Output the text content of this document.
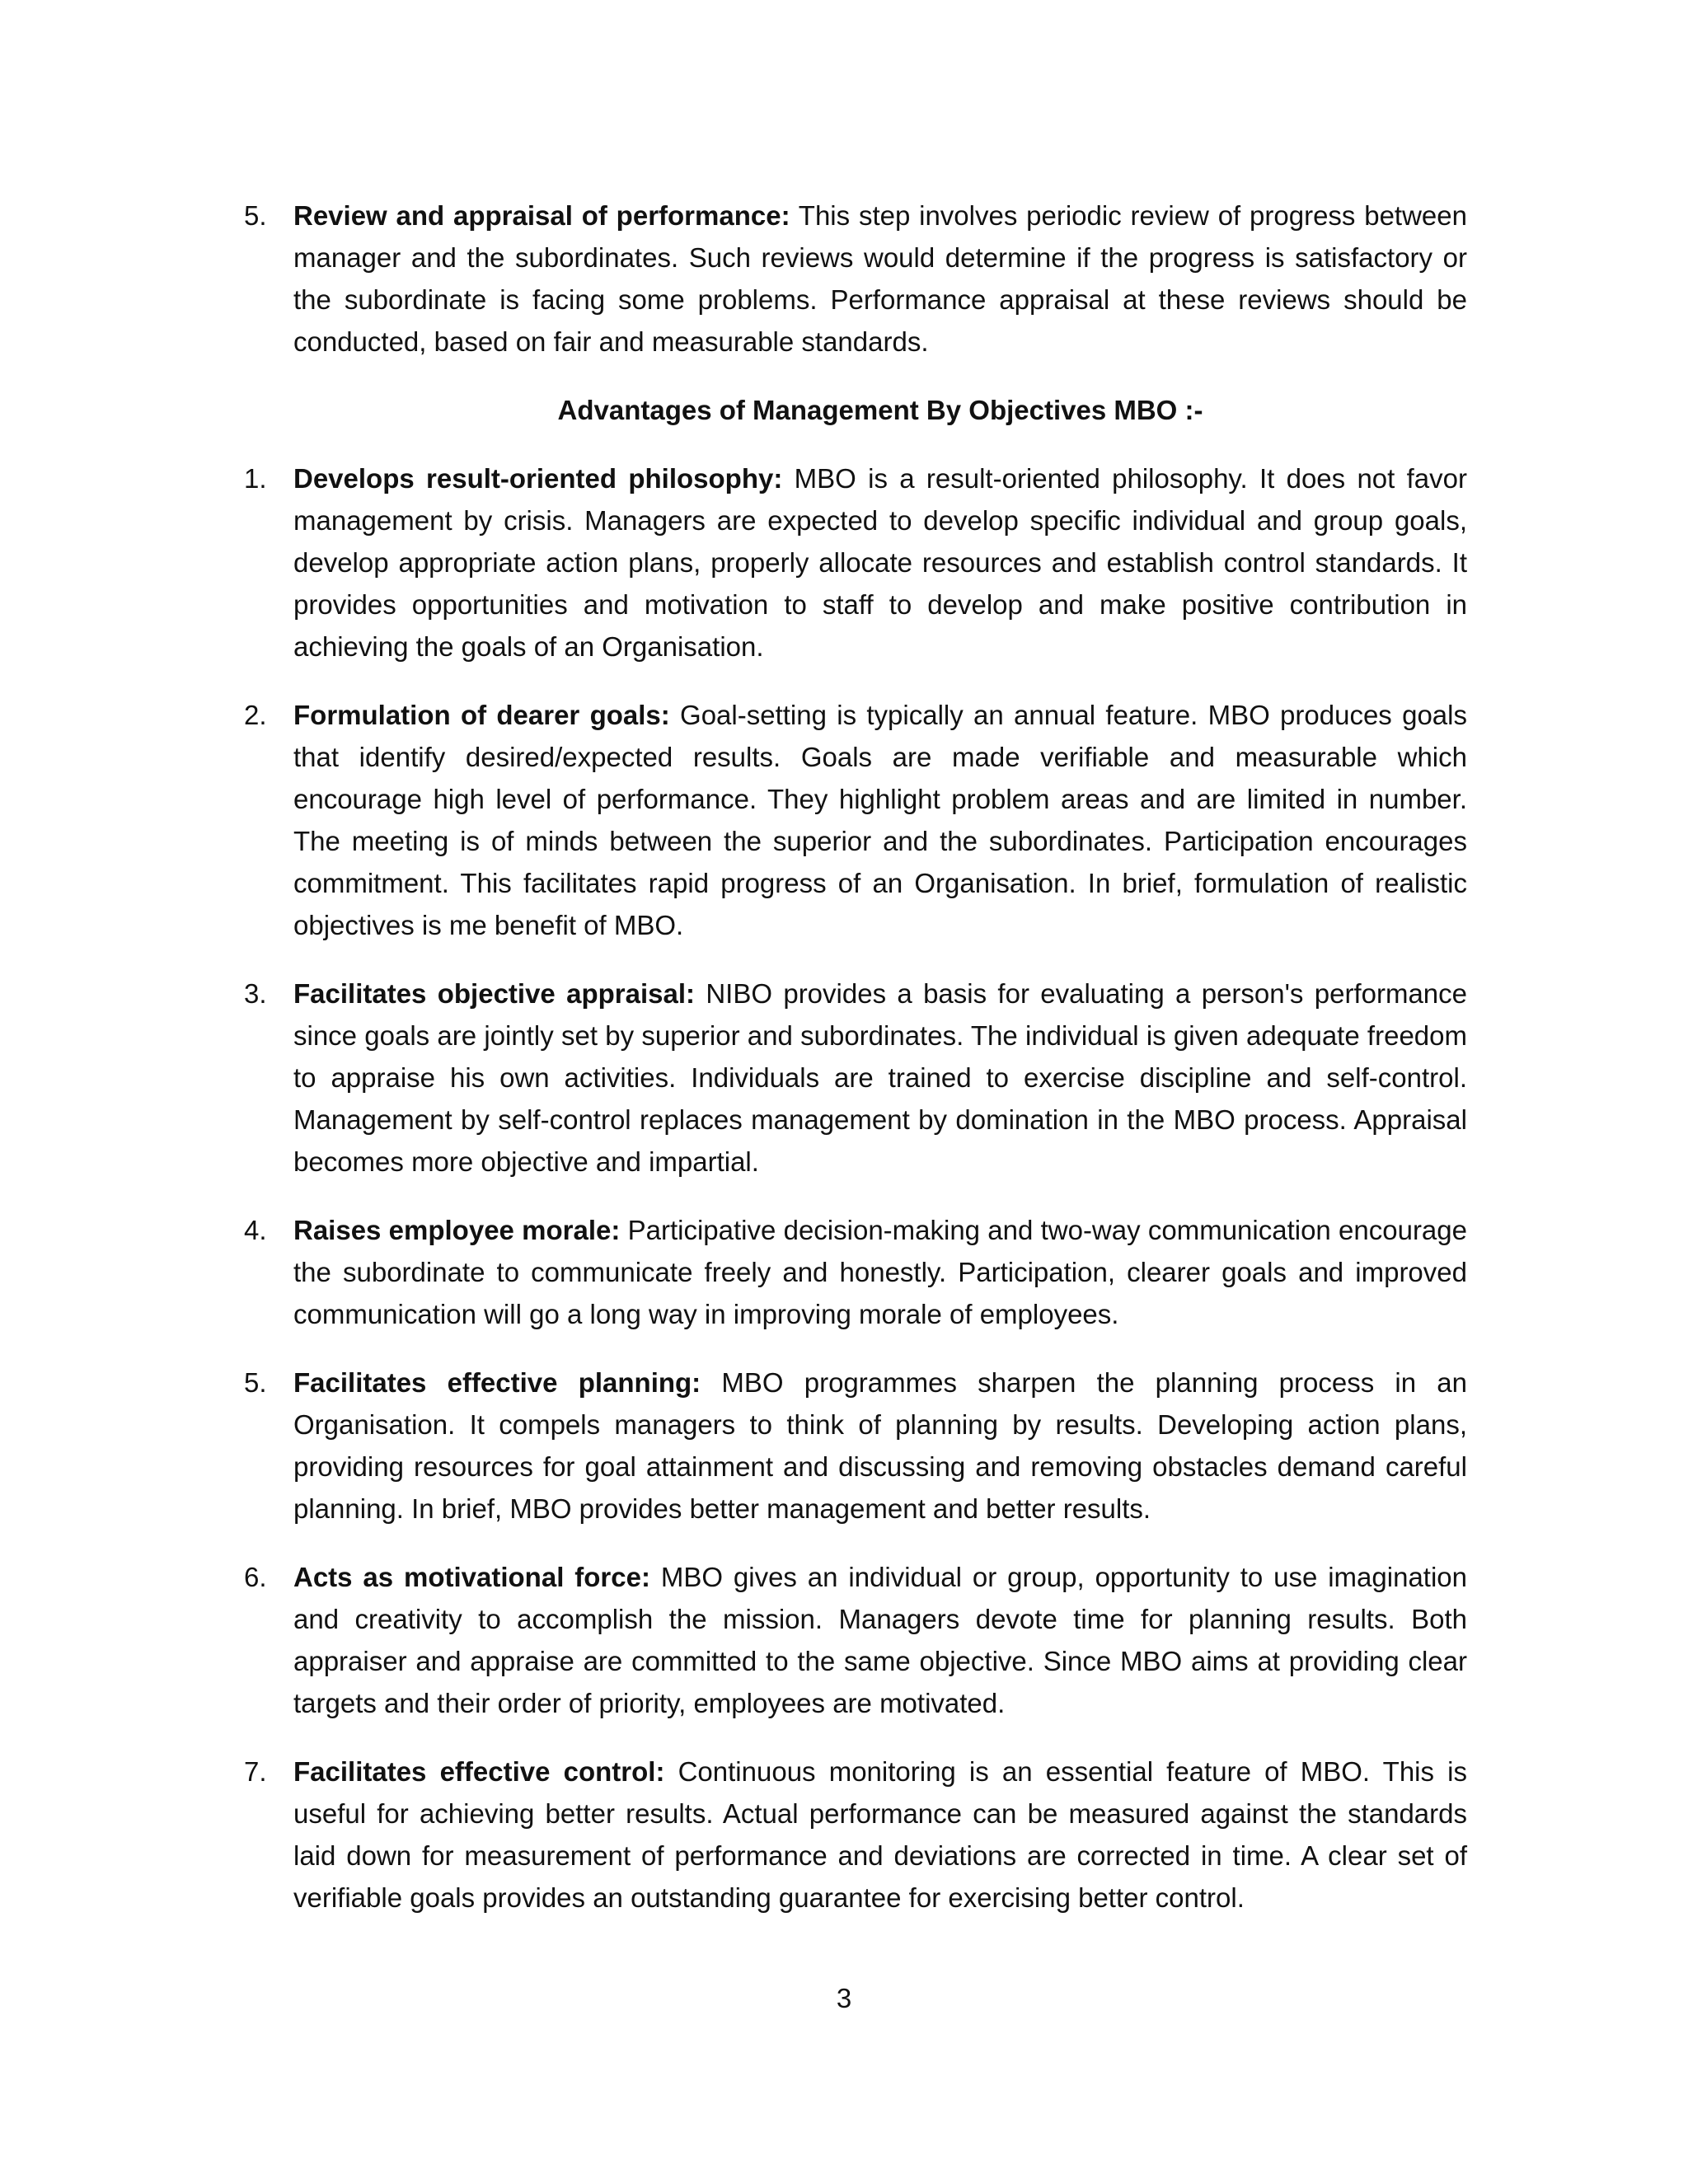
5. Review and appraisal of performance: This step involves periodic review of progress between manager and the subordinates. Such reviews would determine if the progress is satisfactory or the subordinate is facing some problems. Performance appraisal at these reviews should be conducted, based on fair and measurable standards.
Advantages of Management By Objectives MBO :-
1. Develops result-oriented philosophy: MBO is a result-oriented philosophy. It does not favor management by crisis. Managers are expected to develop specific individual and group goals, develop appropriate action plans, properly allocate resources and establish control standards. It provides opportunities and motivation to staff to develop and make positive contribution in achieving the goals of an Organisation.
2. Formulation of dearer goals: Goal-setting is typically an annual feature. MBO produces goals that identify desired/expected results. Goals are made verifiable and measurable which encourage high level of performance. They highlight problem areas and are limited in number. The meeting is of minds between the superior and the subordinates. Participation encourages commitment. This facilitates rapid progress of an Organisation. In brief, formulation of realistic objectives is me benefit of MBO.
3. Facilitates objective appraisal: NIBO provides a basis for evaluating a person's performance since goals are jointly set by superior and subordinates. The individual is given adequate freedom to appraise his own activities. Individuals are trained to exercise discipline and self-control. Management by self-control replaces management by domination in the MBO process. Appraisal becomes more objective and impartial.
4. Raises employee morale: Participative decision-making and two-way communication encourage the subordinate to communicate freely and honestly. Participation, clearer goals and improved communication will go a long way in improving morale of employees.
5. Facilitates effective planning: MBO programmes sharpen the planning process in an Organisation. It compels managers to think of planning by results. Developing action plans, providing resources for goal attainment and discussing and removing obstacles demand careful planning. In brief, MBO provides better management and better results.
6. Acts as motivational force: MBO gives an individual or group, opportunity to use imagination and creativity to accomplish the mission. Managers devote time for planning results. Both appraiser and appraise are committed to the same objective. Since MBO aims at providing clear targets and their order of priority, employees are motivated.
7. Facilitates effective control: Continuous monitoring is an essential feature of MBO. This is useful for achieving better results. Actual performance can be measured against the standards laid down for measurement of performance and deviations are corrected in time. A clear set of verifiable goals provides an outstanding guarantee for exercising better control.
3
